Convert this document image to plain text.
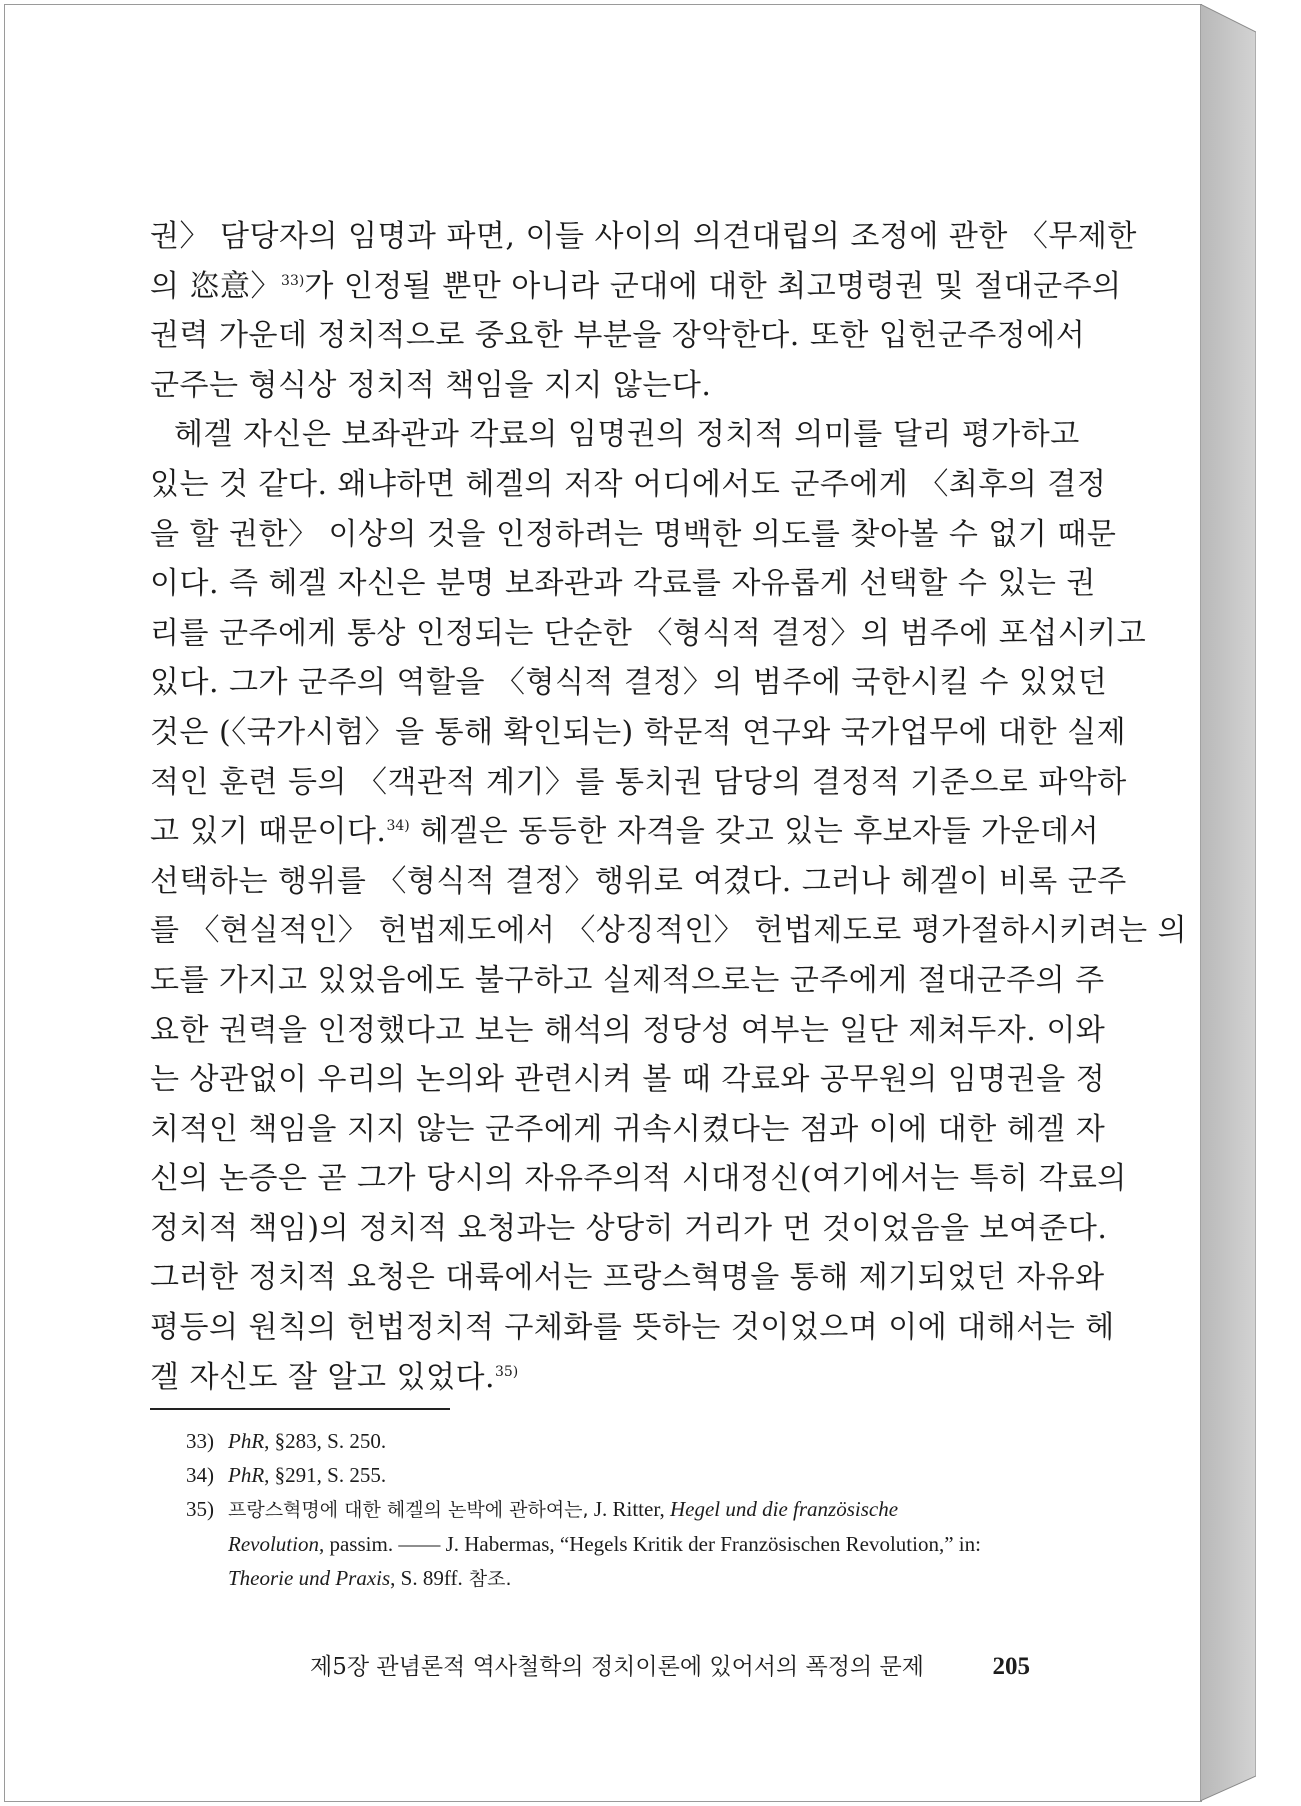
권〉 담당자의 임명과 파면, 이들 사이의 의견대립의 조정에 관한 〈무제한
의 恣意〉$^{33)}$가 인정될 뿐만 아니라 군대에 대한 최고명령권 및 절대군주의
권력 가운데 정치적으로 중요한 부분을 장악한다. 또한 입헌군주정에서
군주는 형식상 정치적 책임을 지지 않는다.
헤겔 자신은 보좌관과 각료의 임명권의 정치적 의미를 달리 평가하고
있는 것 같다. 왜냐하면 헤겔의 저작 어디에서도 군주에게 〈최후의 결정
을 할 권한〉 이상의 것을 인정하려는 명백한 의도를 찾아볼 수 없기 때문
이다. 즉 헤겔 자신은 분명 보좌관과 각료를 자유롭게 선택할 수 있는 권
리를 군주에게 통상 인정되는 단순한 〈형식적 결정〉의 범주에 포섭시키고
있다. 그가 군주의 역할을 〈형식적 결정〉의 범주에 국한시킬 수 있었던
것은 (〈국가시험〉을 통해 확인되는) 학문적 연구와 국가업무에 대한 실제
적인 훈련 등의 〈객관적 계기〉를 통치권 담당의 결정적 기준으로 파악하
고 있기 때문이다.$^{34)}$ 헤겔은 동등한 자격을 갖고 있는 후보자들 가운데서
선택하는 행위를 〈형식적 결정〉행위로 여겼다. 그러나 헤겔이 비록 군주
를 〈현실적인〉 헌법제도에서 〈상징적인〉 헌법제도로 평가절하시키려는 의
도를 가지고 있었음에도 불구하고 실제적으로는 군주에게 절대군주의 주
요한 권력을 인정했다고 보는 해석의 정당성 여부는 일단 제쳐두자. 이와
는 상관없이 우리의 논의와 관련시켜 볼 때 각료와 공무원의 임명권을 정
치적인 책임을 지지 않는 군주에게 귀속시켰다는 점과 이에 대한 헤겔 자
신의 논증은 곧 그가 당시의 자유주의적 시대정신(여기에서는 특히 각료의
정치적 책임)의 정치적 요청과는 상당히 거리가 먼 것이었음을 보여준다.
그러한 정치적 요청은 대륙에서는 프랑스혁명을 통해 제기되었던 자유와
평등의 원칙의 헌법정치적 구체화를 뜻하는 것이었으며 이에 대해서는 헤
겔 자신도 잘 알고 있었다.$^{35)}$
33) PhR, §283, S. 250.
34) PhR, §291, S. 255.
35) 프랑스혁명에 대한 헤겔의 논박에 관하여는, J. Ritter, Hegel und die französische
Revolution, passim. —— J. Habermas, “Hegels Kritik der Französischen Revolution,” in:
Theorie und Praxis, S. 89ff. 참조.
제5장 관념론적 역사철학의 정치이론에 있어서의 폭정의 문제	205
